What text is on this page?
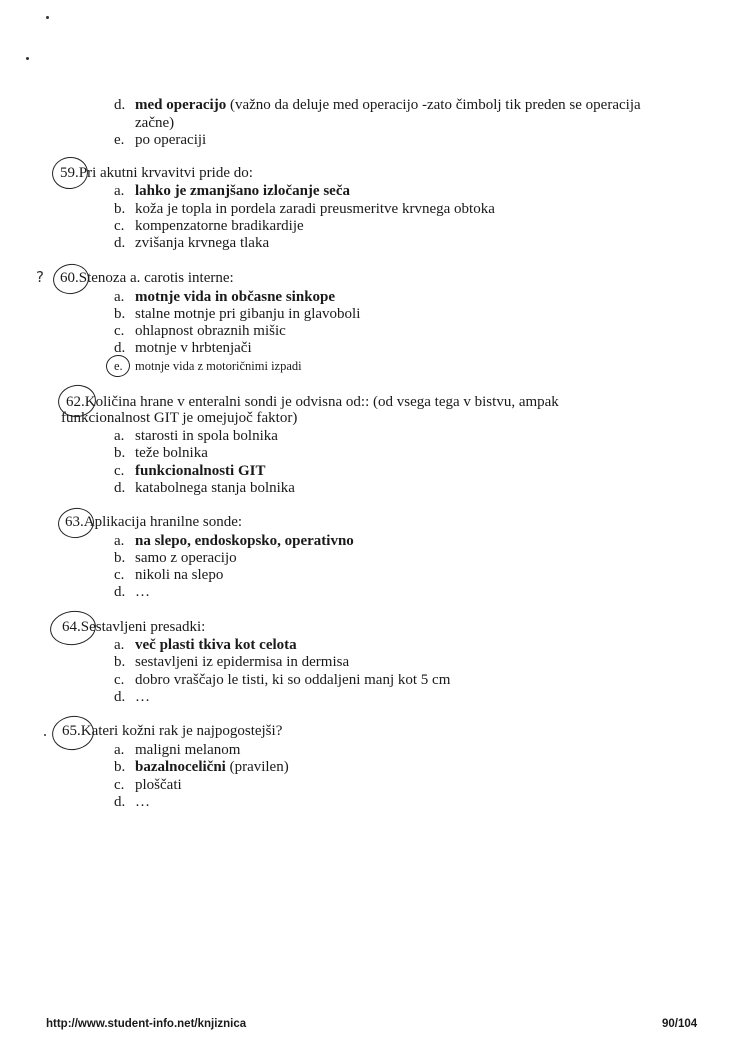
d. med operacijo (važno da deluje med operacijo -zato čimbolj tik preden se operacija
začne)
e. po operaciji
59.Pri akutni krvavitvi pride do:
a. lahko je zmanjšano izločanje seča
b. koža je topla in pordela zaradi preusmeritve krvnega obtoka
c. kompenzatorne bradikardije
d. zvišanja krvnega tlaka
? 60.Stenoza a. carotis interne:
a. motnje vida in občasne sinkope
b. stalne motnje pri gibanju in glavoboli
c. ohlapnost obraznih mišic
d. motnje v hrbtenjači
e. motnje vida z motoričnimi izpadi
62.Količina hrane v enteralni sondi je odvisna od:: (od vsega tega v bistvu, ampak
funkcionalnost GIT je omejujoč faktor)
a. starosti in spola bolnika
b. teže bolnika
c. funkcionalnosti GIT
d. katabolnega stanja bolnika
63.Aplikacija hranilne sonde:
a. na slepo, endoskopsko, operativno
b. samo z operacijo
c. nikoli na slepo
d. …
64.Sestavljeni presadki:
a. več plasti tkiva kot celota
b. sestavljeni iz epidermisa in dermisa
c. dobro vraščajo le tisti, ki so oddaljeni manj kot 5 cm
d. …
65.Kateri kožni rak je najpogostejši?
a. maligni melanom
b. bazalnocelični (pravilen)
c. ploščati
d. …
http://www.student-info.net/knjiznica	90/104
